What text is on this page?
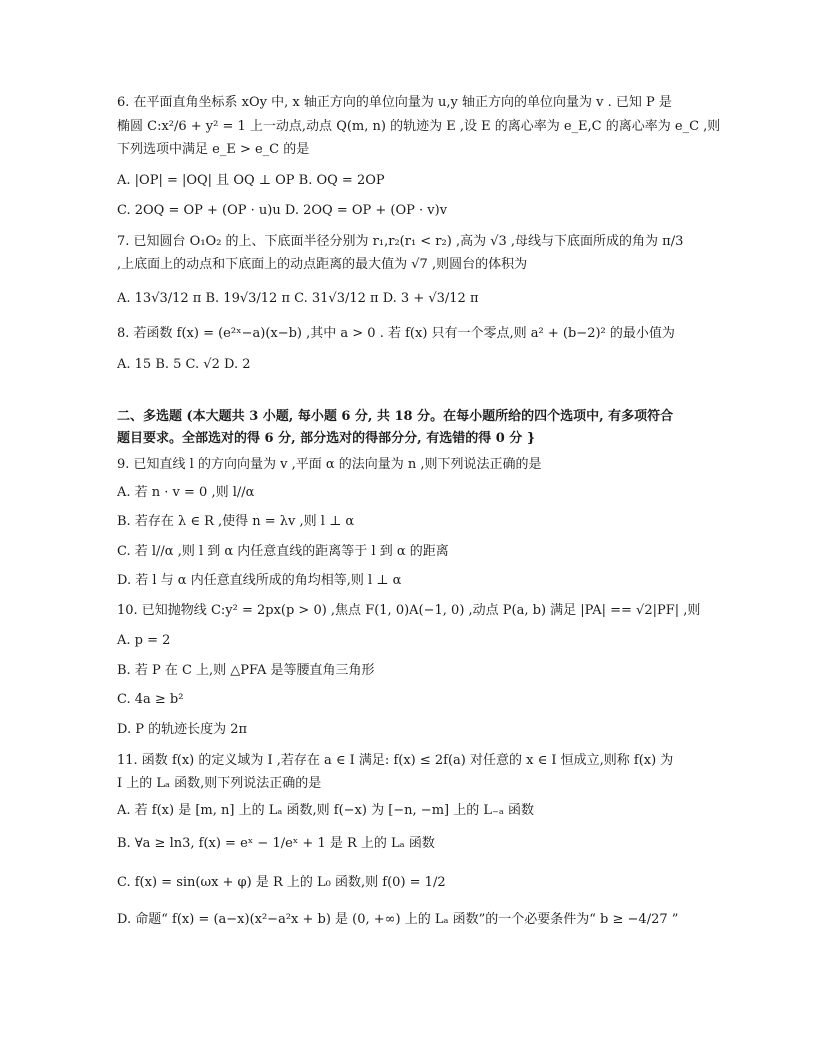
6. 在平面直角坐标系 xOy 中, x 轴正方向的单位向量为 u,y 轴正方向的单位向量为 v . 已知 P 是
椭圆 C:x²/6 + y² = 1 上一动点,动点 Q(m, n) 的轨迹为 E ,设 E 的离心率为 e_E,C 的离心率为 e_C ,则
下列选项中满足 e_E > e_C 的是
A. |OP| = |OQ| 且 OQ ⊥ OP B. OQ = 2OP
C. 2OQ = OP + (OP · u)u D. 2OQ = OP + (OP · v)v
7. 已知圆台 O₁O₂ 的上、下底面半径分别为 r₁,r₂(r₁ < r₂) ,高为 √3 ,母线与下底面所成的角为 π/3
,上底面上的动点和下底面上的动点距离的最大值为 √7 ,则圆台的体积为
A. 13√3/12 π B. 19√3/12 π C. 31√3/12 π D. 3 + √3/12 π
8. 若函数 f(x) = (e²ˣ−a)(x−b) ,其中 a > 0 . 若 f(x) 只有一个零点,则 a² + (b−2)² 的最小值为
A. 15 B. 5 C. √2 D. 2
二、多选题 (本大题共 3 小题, 每小题 6 分, 共 18 分。在每小题所给的四个选项中, 有多项符合
题目要求。全部选对的得 6 分, 部分选对的得部分分, 有选错的得 0 分 }
9. 已知直线 l 的方向向量为 v ,平面 α 的法向量为 n ,则下列说法正确的是
A. 若 n · v = 0 ,则 l//α
B. 若存在 λ ∈ R ,使得 n = λv ,则 l ⊥ α
C. 若 l//α ,则 l 到 α 内任意直线的距离等于 l 到 α 的距离
D. 若 l 与 α 内任意直线所成的角均相等,则 l ⊥ α
10. 已知抛物线 C:y² = 2px(p > 0) ,焦点 F(1, 0)A(−1, 0) ,动点 P(a, b) 满足 |PA| == √2|PF| ,则
A. p = 2
B. 若 P 在 C 上,则 △PFA 是等腰直角三角形
C. 4a ≥ b²
D. P 的轨迹长度为 2π
11. 函数 f(x) 的定义域为 I ,若存在 a ∈ I 满足: f(x) ≤ 2f(a) 对任意的 x ∈ I 恒成立,则称 f(x) 为
I 上的 Lₐ 函数,则下列说法正确的是
A. 若 f(x) 是 [m, n] 上的 Lₐ 函数,则 f(−x) 为 [−n, −m] 上的 L₋ₐ 函数
B. ∀a ≥ ln3, f(x) = eˣ − 1/eˣ + 1 是 R 上的 Lₐ 函数
C. f(x) = sin(ωx + φ) 是 R 上的 L₀ 函数,则 f(0) = 1/2
D. 命题“ f(x) = (a−x)(x²−a²x + b) 是 (0, +∞) 上的 Lₐ 函数”的一个必要条件为“ b ≥ −4/27 ”
